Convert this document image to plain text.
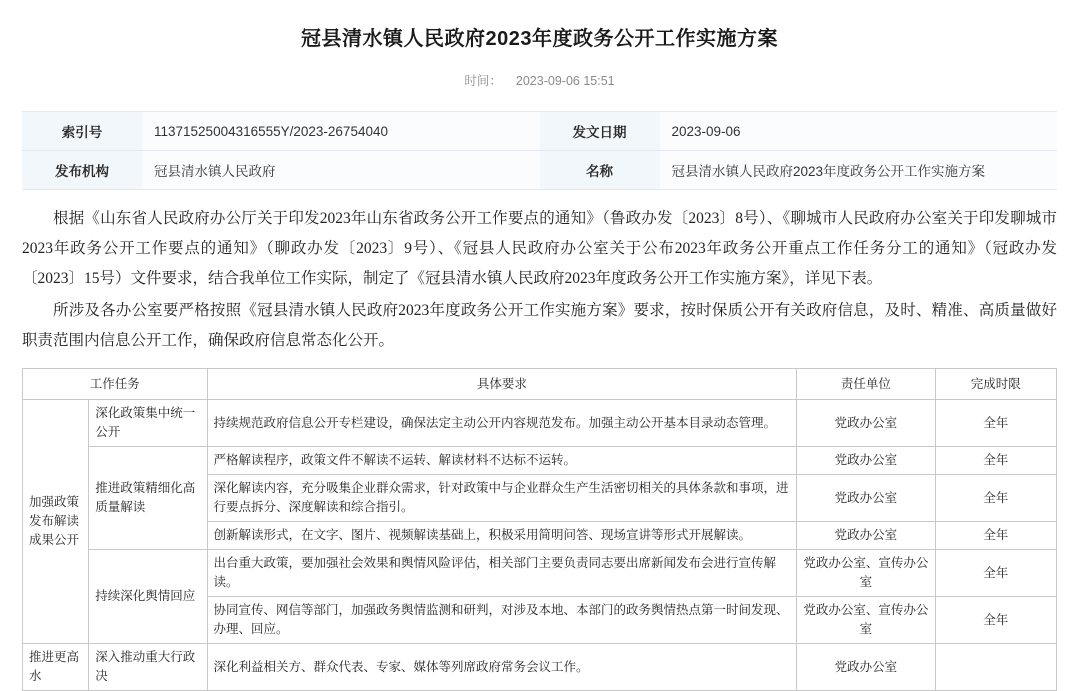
冠县清水镇人民政府2023年度政务公开工作实施方案
时间： 2023-09-06 15:51
索引号	11371525004316555Y/2023-26754040	发文日期	2023-09-06
发布机构	冠县清水镇人民政府	名称	冠县清水镇人民政府2023年度政务公开工作实施方案

根据《山东省人民政府办公厅关于印发2023年山东省政务公开工作要点的通知》（鲁政办发〔2023〕8号）、《聊城市人民政府办公室关于印发聊城市2023年政务公开工作要点的通知》（聊政办发〔2023〕9号）、《冠县人民政府办公室关于公布2023年政务公开重点工作任务分工的通知》（冠政办发〔2023〕15号）文件要求，结合我单位工作实际，制定了《冠县清水镇人民政府2023年度政务公开工作实施方案》，详见下表。

所涉及各办公室要严格按照《冠县清水镇人民政府2023年度政务公开工作实施方案》要求，按时保质公开有关政府信息，及时、精准、高质量做好职责范围内信息公开工作，确保政府信息常态化公开。

工作任务		具体要求	责任单位	完成时限
加强政策发布解读成果公开	深化政策集中统一公开	持续规范政府信息公开专栏建设，确保法定主动公开内容规范发布。加强主动公开基本目录动态管理。	党政办公室	全年
	推进政策精细化高质量解读	严格解读程序，政策文件不解读不运转、解读材料不达标不运转。	党政办公室	全年
		深化解读内容，充分吸集企业群众需求，针对政策中与企业群众生产生活密切相关的具体条款和事项，进行要点拆分、深度解读和综合指引。	党政办公室	全年
		创新解读形式，在文字、图片、视频解读基础上，积极采用简明问答、现场宣讲等形式开展解读。	党政办公室	全年
	持续深化舆情回应	出台重大政策，要加强社会效果和舆情风险评估，相关部门主要负责同志要出席新闻发布会进行宣传解读。	党政办公室、宣传办公室	全年
		协同宣传、网信等部门，加强政务舆情监测和研判，对涉及本地、本部门的政务舆情热点第一时间发现、办理、回应。	党政办公室、宣传办公室	全年
推进更高水	深入推动重大行政决	深化利益相关方、群众代表、专家、媒体等列席政府常务会议工作。	党政办公室	
